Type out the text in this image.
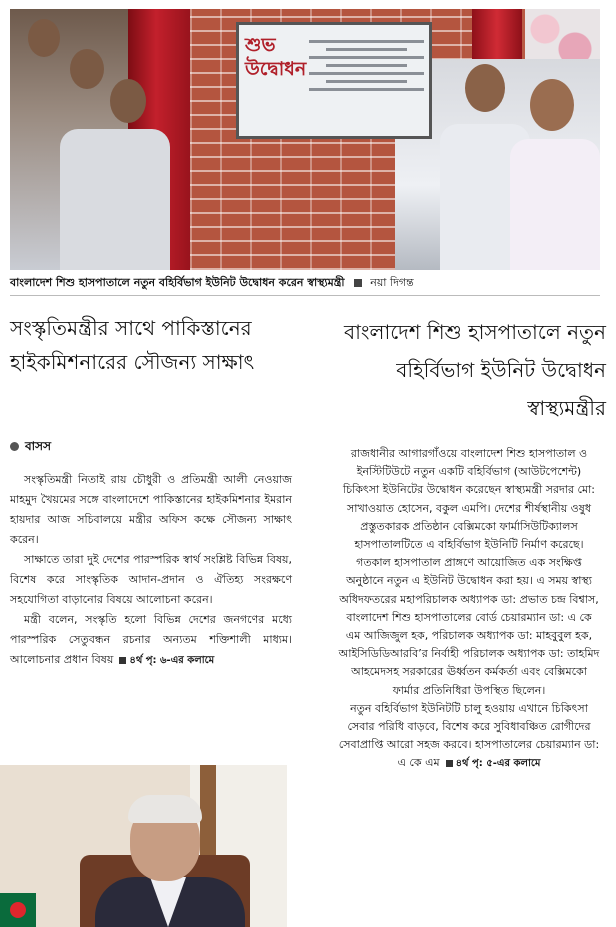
শুভ উদ্বোধন
বাংলাদেশ শিশু হাসপাতালে নতুন বহির্বিভাগ ইউনিট উদ্বোধন করেন স্বাস্থ্যমন্ত্রী নয়া দিগন্ত
সংস্কৃতিমন্ত্রীর সাথে পাকিস্তানের হাইকমিশনারের সৌজন্য সাক্ষাৎ
বাসস

সংস্কৃতিমন্ত্রী নিতাই রায় চৌধুরী ও প্রতিমন্ত্রী আলী নেওয়াজ মাহমুদ খৈয়মের সঙ্গে বাংলাদেশে পাকিস্তানের হাইকমিশনার ইমরান হায়দার আজ সচিবালয়ে মন্ত্রীর অফিস কক্ষে সৌজন্য সাক্ষাৎ করেন।

সাক্ষাতে তারা দুই দেশের পারস্পরিক স্বার্থ সংশ্লিষ্ট বিভিন্ন বিষয়, বিশেষ করে সাংস্কৃতিক আদান-প্রদান ও ঐতিহ্য সংরক্ষণে সহযোগিতা বাড়ানোর বিষয়ে আলোচনা করেন।

মন্ত্রী বলেন, সংস্কৃতি হলো বিভিন্ন দেশের জনগণের মধ্যে পারস্পরিক সেতুবন্ধন রচনার অন্যতম শক্তিশালী মাধ্যম। আলোচনার প্রধান বিষয় ৪র্থ পৃ: ৬-এর কলামে

বাংলাদেশ শিশু হাসপাতালে নতুন বহির্বিভাগ ইউনিট উদ্বোধন স্বাস্থ্যমন্ত্রীর

রাজধানীর আগারগাঁওয়ে বাংলাদেশ শিশু হাসপাতাল ও ইনস্টিটিউটে নতুন একটি বহির্বিভাগ (আউটপেশেন্ট) চিকিৎসা ইউনিটের উদ্বোধন করেছেন স্বাস্থ্যমন্ত্রী সরদার মো: সাখাওয়াত হোসেন, বকুল এমপি। দেশের শীর্ষস্থানীয় ওষুধ প্রস্তুতকারক প্রতিষ্ঠান বেক্সিমকো ফার্মাসিউটিক্যালস হাসপাতালটিতে এ বহির্বিভাগ ইউনিটি নির্মাণ করেছে। গতকাল হাসপাতাল প্রাঙ্গণে আয়োজিত এক সংক্ষিপ্ত অনুষ্ঠানে নতুন এ ইউনিট উদ্বোধন করা হয়। এ সময় স্বাস্থ্য অধিদফতরের মহাপরিচালক অধ্যাপক ডা: প্রভাত চন্দ্র বিশ্বাস, বাংলাদেশ শিশু হাসপাতালের বোর্ড চেয়ারম্যান ডা: এ কে এম আজিজুল হক, পরিচালক অধ্যাপক ডা: মাহবুবুল হক, আইসিডিডিআরবি’র নির্বাহী পরিচালক অধ্যাপক ডা: তাহমিদ আহমেদসহ সরকারের ঊর্ধ্বতন কর্মকর্তা এবং বেক্সিমকো ফার্মার প্রতিনিধিরা উপস্থিত ছিলেন।

নতুন বহির্বিভাগ ইউনিটটি চালু হওয়ায় এখানে চিকিৎসা সেবার পরিধি বাড়বে, বিশেষ করে সুবিধাবঞ্চিত রোগীদের সেবাপ্রাপ্তি আরো সহজ করবে। হাসপাতালের চেয়ারম্যান ডা: এ কে এম ৪র্থ পৃ: ৫-এর কলামে
